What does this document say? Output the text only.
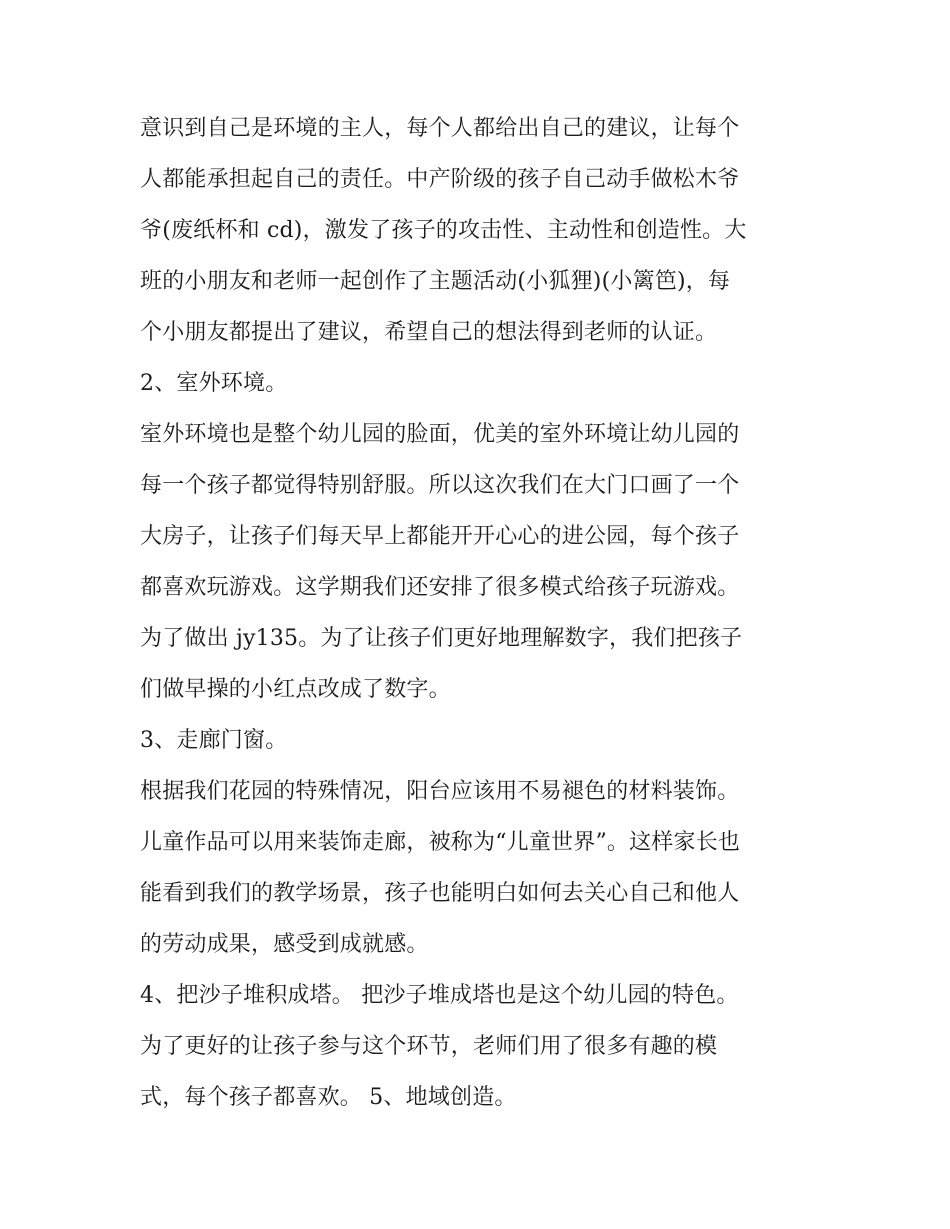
意识到自己是环境的主人，每个人都给出自己的建议，让每个
人都能承担起自己的责任。中产阶级的孩子自己动手做松木爷
爷(废纸杯和 cd)，激发了孩子的攻击性、主动性和创造性。大
班的小朋友和老师一起创作了主题活动(小狐狸)(小篱笆)，每
个小朋友都提出了建议，希望自己的想法得到老师的认证。
2、室外环境。
室外环境也是整个幼儿园的脸面，优美的室外环境让幼儿园的
每一个孩子都觉得特别舒服。所以这次我们在大门口画了一个
大房子，让孩子们每天早上都能开开心心的进公园，每个孩子
都喜欢玩游戏。这学期我们还安排了很多模式给孩子玩游戏。
为了做出 jy135。为了让孩子们更好地理解数字，我们把孩子
们做早操的小红点改成了数字。
3、走廊门窗。
根据我们花园的特殊情况，阳台应该用不易褪色的材料装饰。
儿童作品可以用来装饰走廊，被称为“儿童世界”。这样家长也
能看到我们的教学场景，孩子也能明白如何去关心自己和他人
的劳动成果，感受到成就感。
4、把沙子堆积成塔。 把沙子堆成塔也是这个幼儿园的特色。
为了更好的让孩子参与这个环节，老师们用了很多有趣的模
式，每个孩子都喜欢。 5、地域创造。
